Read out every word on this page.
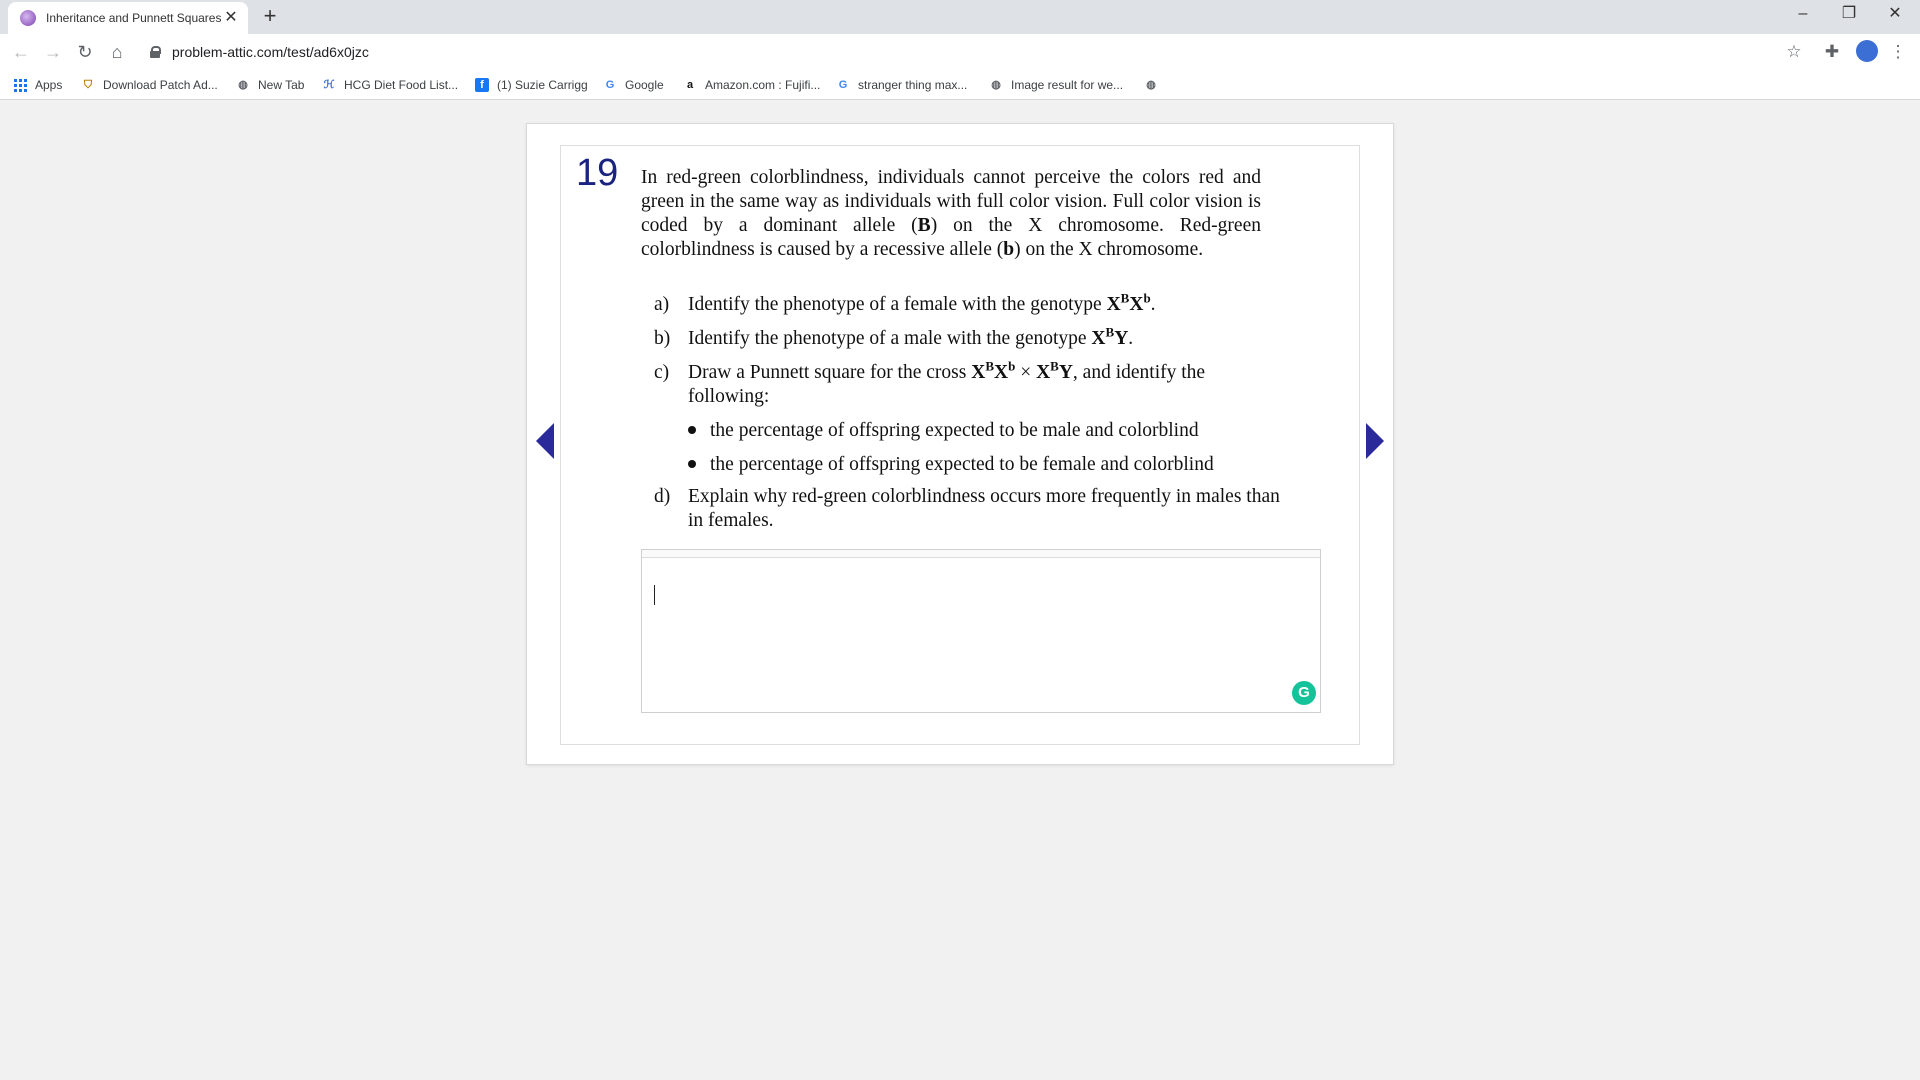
Inheritance and Punnett Squares ✕ +	–	❐	✕
← → ↻	⌂	problem-attic.com/test/ad6x0jzc	☆ ✚	⋮
Apps ⛉ Download Patch Ad... ◍ New Tab ℋ HCG Diet Food List...	f	(1) Suzie Carrigg G Google	a Amazon.com : Fujifi... G stranger thing max... ◍ Image result for we... ◍
19 In red-green colorblindness, individuals cannot perceive the colors red and green in the same way as individuals with full color vision. Full color vision is coded by a dominant allele (B) on the X chromosome. Red-green colorblindness is caused by a recessive allele (b) on the X chromosome.
a) Identify the phenotype of a female with the genotype $X^BX^b$.
b) Identify the phenotype of a male with the genotype $X^BY$.
c) Draw a Punnett square for the cross $X^BX^b \times X^BY$, and identify the following:
d) Explain why red-green colorblindness occurs more frequently in males than in females.
the percentage of offspring expected to be male and colorblind
the percentage of offspring expected to be female and colorblind
G
